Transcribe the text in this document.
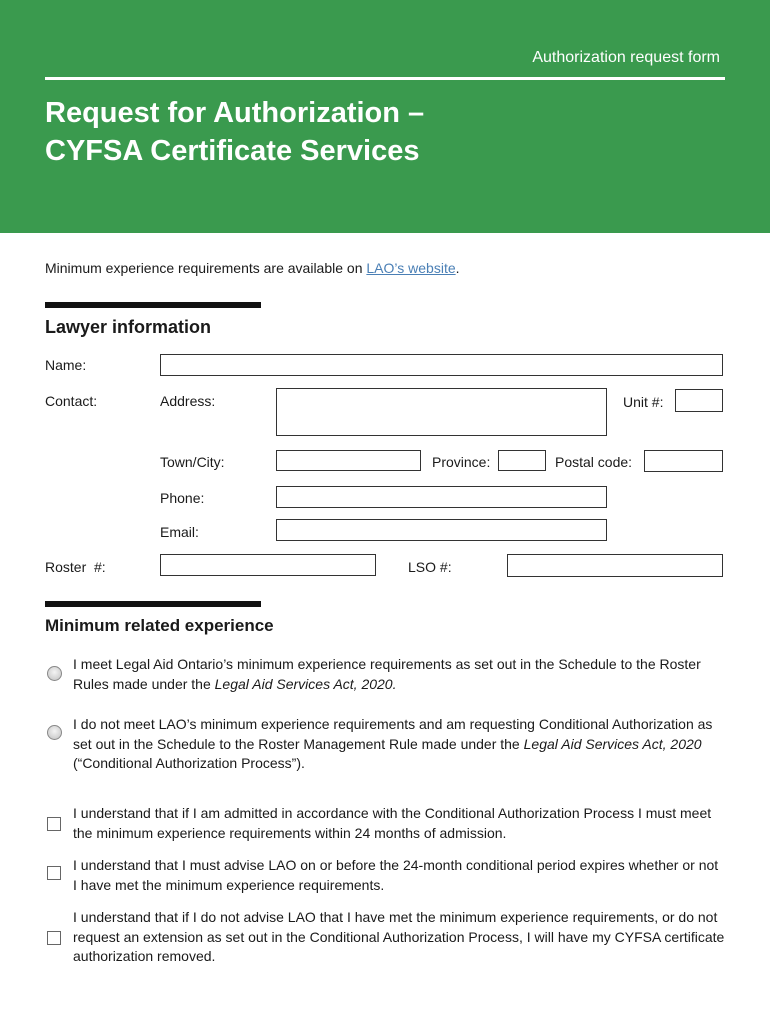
Authorization request form
Request for Authorization –
CYFSA Certificate Services
Minimum experience requirements are available on LAO’s website.
Lawyer information
Name:
Contact:	Address:	Unit #:
Town/City:	Province:	Postal code:
Phone:
Email:
Roster  #:	LSO #:
Minimum related experience
I meet Legal Aid Ontario’s minimum experience requirements as set out in the Schedule to the Roster Rules made under the Legal Aid Services Act, 2020.
I do not meet LAO’s minimum experience requirements and am requesting Conditional Authorization as set out in the Schedule to the Roster Management Rule made under the Legal Aid Services Act, 2020 (“Conditional Authorization Process”).
I understand that if I am admitted in accordance with the Conditional Authorization Process I must meet the minimum experience requirements within 24 months of admission.
I understand that I must advise LAO on or before the 24-month conditional period expires whether or not I have met the minimum experience requirements.
I understand that if I do not advise LAO that I have met the minimum experience requirements, or do not request an extension as set out in the Conditional Authorization Process, I will have my CYFSA certificate authorization removed.
